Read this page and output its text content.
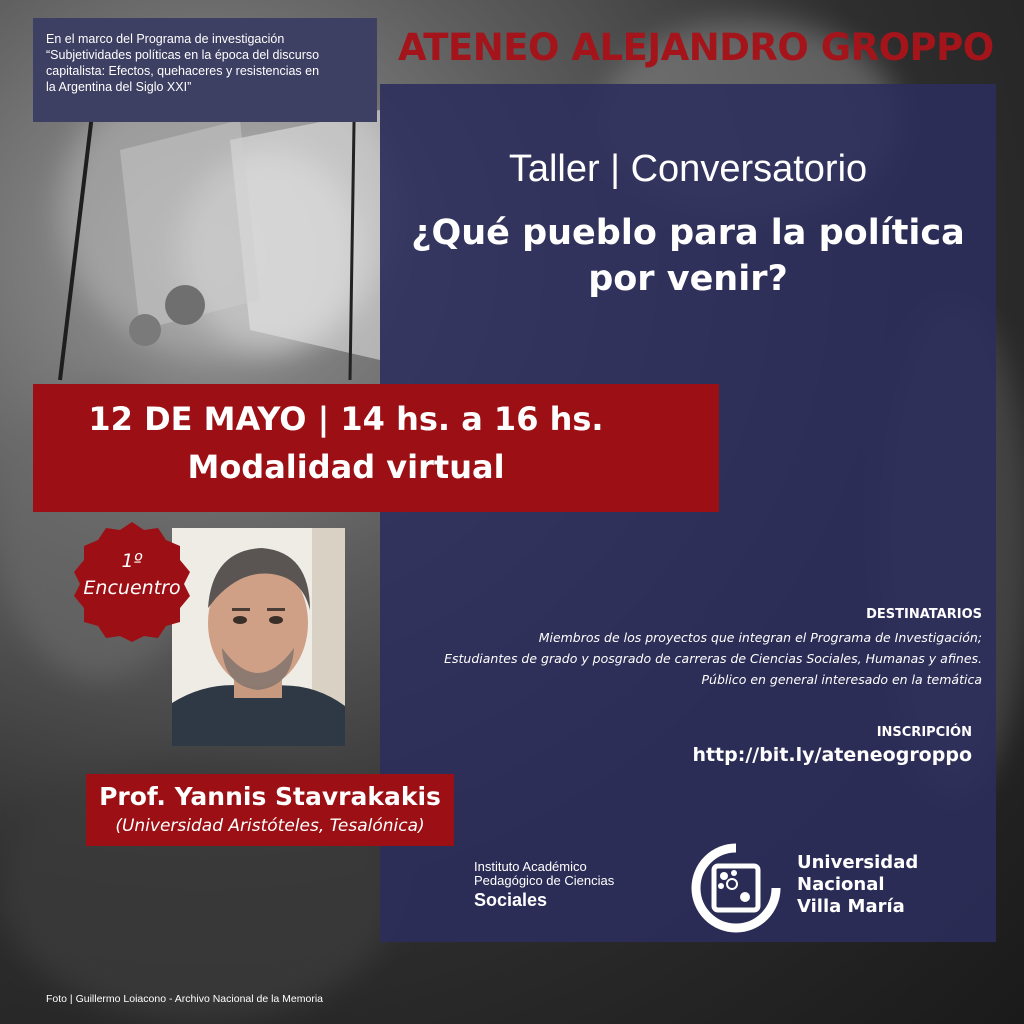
En el marco del Programa de investigación
“Subjetividades políticas en la época del discurso
capitalista: Efectos, quehaceres y resistencias en
la Argentina del Siglo XXI”
ATENEO ALEJANDRO GROPPO
Taller | Conversatorio
¿Qué pueblo para la política
por venir?
12 DE MAYO | 14 hs. a 16 hs.
Modalidad virtual
1º
Encuentro
Prof. Yannis Stavrakakis
(Universidad Aristóteles, Tesalónica)
DESTINATARIOS
Miembros de los proyectos que integran el Programa de Investigación;
Estudiantes de grado y posgrado de carreras de Ciencias Sociales, Humanas y afines.
Público en general interesado en la temática
INSCRIPCIÓN
http://bit.ly/ateneogroppo
Instituto Académico
Pedagógico de Ciencias
Sociales
Universidad
Nacional
Villa María
Foto | Guillermo Loiacono - Archivo Nacional de la Memoria
